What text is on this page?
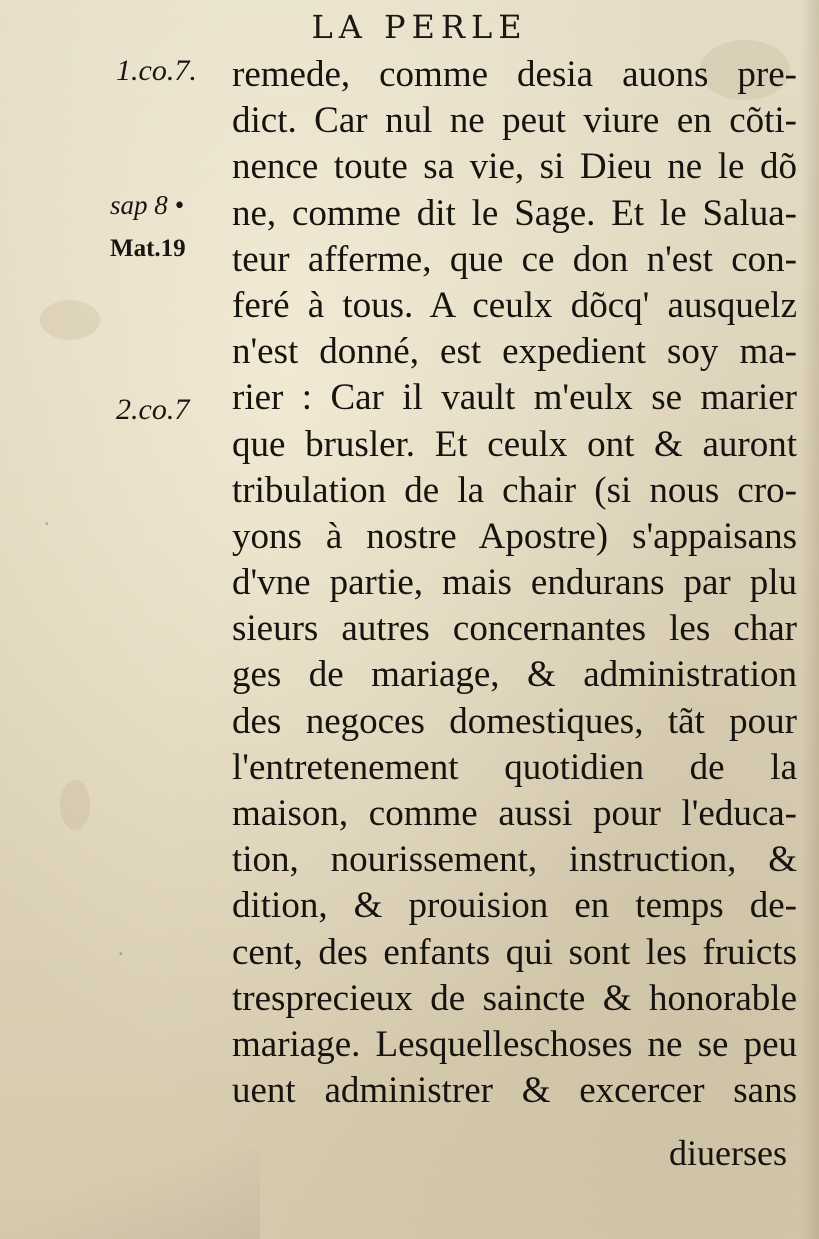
LA PERLE
1.co.7.
sap 8 •
Mat.19
2.co.7
.
.
remede, comme desia auons pre-
dict. Car nul ne peut viure en cõti-
nence toute sa vie, si Dieu ne le dõ
ne, comme dit le Sage. Et le Salua-
teur afferme, que ce don n'est con-
feré à tous. A ceulx dõcq' ausquelz
n'est donné, est expedient soy ma-
rier : Car il vault m'eulx se marier
que brusler. Et ceulx ont & auront
tribulation de la chair (si nous cro-
yons à nostre Apostre) s'appaisans
d'vne partie, mais endurans par plu
sieurs autres concernantes les char
ges de mariage, & administration
des negoces domestiques, tãt pour
l'entretenement quotidien de la
maison, comme aussi pour l'educa-
tion, nourissement, instruction, &
dition, & prouision en temps de-
cent, des enfants qui sont les fruicts
tresprecieux de saincte & honorable
mariage. Lesquelleschoses ne se peu
uent administrer & excercer sans
diuerses
